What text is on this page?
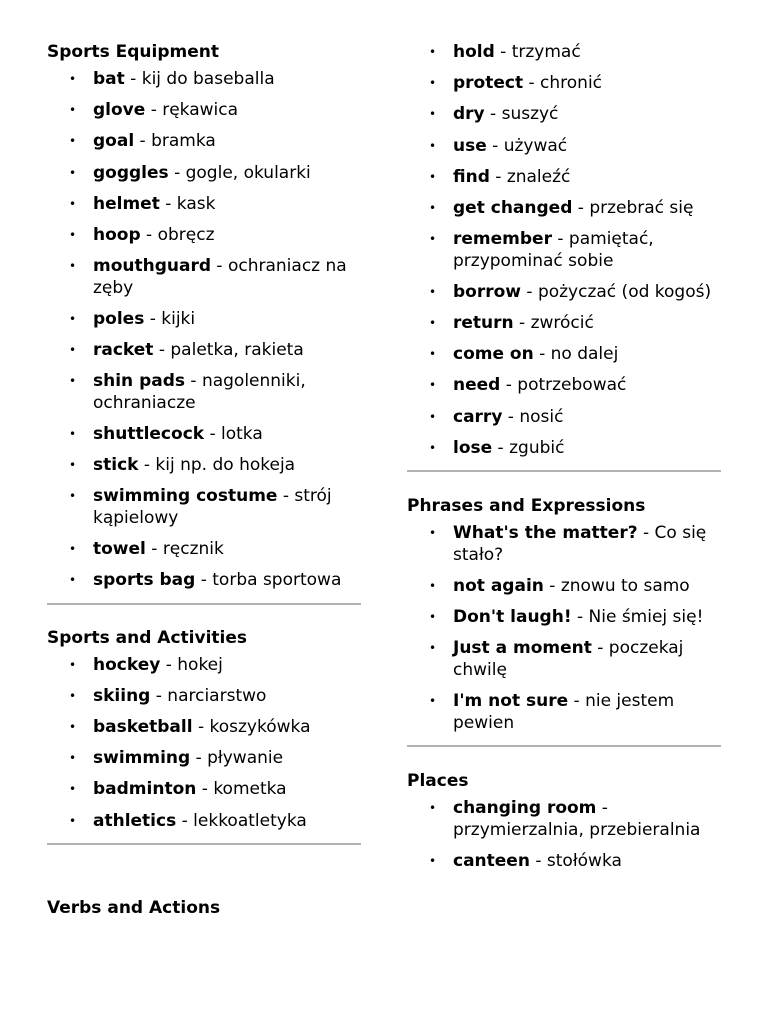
Sports Equipment
• bat - kij do baseballa
• glove - rękawica
• goal - bramka
• goggles - gogle, okularki
• helmet - kask
• hoop - obręcz
• mouthguard - ochraniacz na zęby
• poles - kijki
• racket - paletka, rakieta
• shin pads - nagolenniki, ochraniacze
• shuttlecock - lotka
• stick - kij np. do hokeja
• swimming costume - strój kąpielowy
• towel - ręcznik
• sports bag - torba sportowa
Sports and Activities
• hockey - hokej
• skiing - narciarstwo
• basketball - koszykówka
• swimming - pływanie
• badminton - kometka
• athletics - lekkoatletyka
Verbs and Actions
• hold - trzymać
• protect - chronić
• dry - suszyć
• use - używać
• find - znaleźć
• get changed - przebrać się
• remember - pamiętać, przypominać sobie
• borrow - pożyczać (od kogoś)
• return - zwrócić
• come on - no dalej
• need - potrzebować
• carry - nosić
• lose - zgubić
Phrases and Expressions
• What's the matter? - Co się stało?
• not again - znowu to samo
• Don't laugh! - Nie śmiej się!
• Just a moment - poczekaj chwilę
• I'm not sure - nie jestem pewien
Places
• changing room - przymierzalnia, przebieralnia
• canteen - stołówka
